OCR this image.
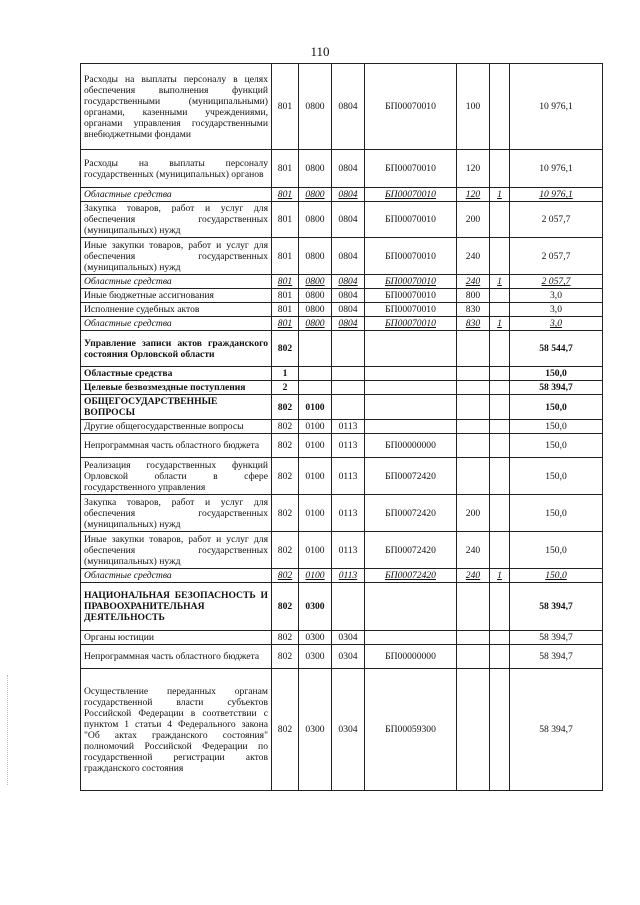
110
Расходы на выплаты персоналу в целях обеспечения выполнения функций государственными (муниципальными) органами, казенными учреждениями, органами управления государственными внебюджетными фондами	801	0800	0804	БП00070010	100		10 976,1
Расходы на выплаты персоналу государственных (муниципальных) органов	801	0800	0804	БП00070010	120		10 976,1
Областные средства	801	0800	0804	БП00070010	120	1	10 976,1
Закупка товаров, работ и услуг для обеспечения государственных (муниципальных) нужд	801	0800	0804	БП00070010	200		2 057,7
Иные закупки товаров, работ и услуг для обеспечения государственных (муниципальных) нужд	801	0800	0804	БП00070010	240		2 057,7
Областные средства	801	0800	0804	БП00070010	240	1	2 057,7
Иные бюджетные ассигнования	801	0800	0804	БП00070010	800		3,0
Исполнение судебных актов	801	0800	0804	БП00070010	830		3,0
Областные средства	801	0800	0804	БП00070010	830	1	3,0
Управление записи актов гражданского состояния Орловской области	802						58 544,7
Областные средства	1						150,0
Целевые безвозмездные поступления	2						58 394,7
ОБЩЕГОСУДАРСТВЕННЫЕ ВОПРОСЫ	802	0100					150,0
Другие общегосударственные вопросы	802	0100	0113				150,0
Непрограммная часть областного бюджета	802	0100	0113	БП00000000			150,0
Реализация государственных функций Орловской области в сфере государственного управления	802	0100	0113	БП00072420			150,0
Закупка товаров, работ и услуг для обеспечения государственных (муниципальных) нужд	802	0100	0113	БП00072420	200		150,0
Иные закупки товаров, работ и услуг для обеспечения государственных (муниципальных) нужд	802	0100	0113	БП00072420	240		150,0
Областные средства	802	0100	0113	БП00072420	240	1	150,0
НАЦИОНАЛЬНАЯ БЕЗОПАСНОСТЬ И ПРАВООХРАНИТЕЛЬНАЯ ДЕЯТЕЛЬНОСТЬ	802	0300					58 394,7
Органы юстиции	802	0300	0304				58 394,7
Непрограммная часть областного бюджета	802	0300	0304	БП00000000			58 394,7
Осуществление переданных органам государственной власти субъектов Российской Федерации в соответствии с пунктом 1 статьи 4 Федерального закона "Об актах гражданского состояния" полномочий Российской Федерации по государственной регистрации актов гражданского состояния	802	0300	0304	БП00059300			58 394,7
